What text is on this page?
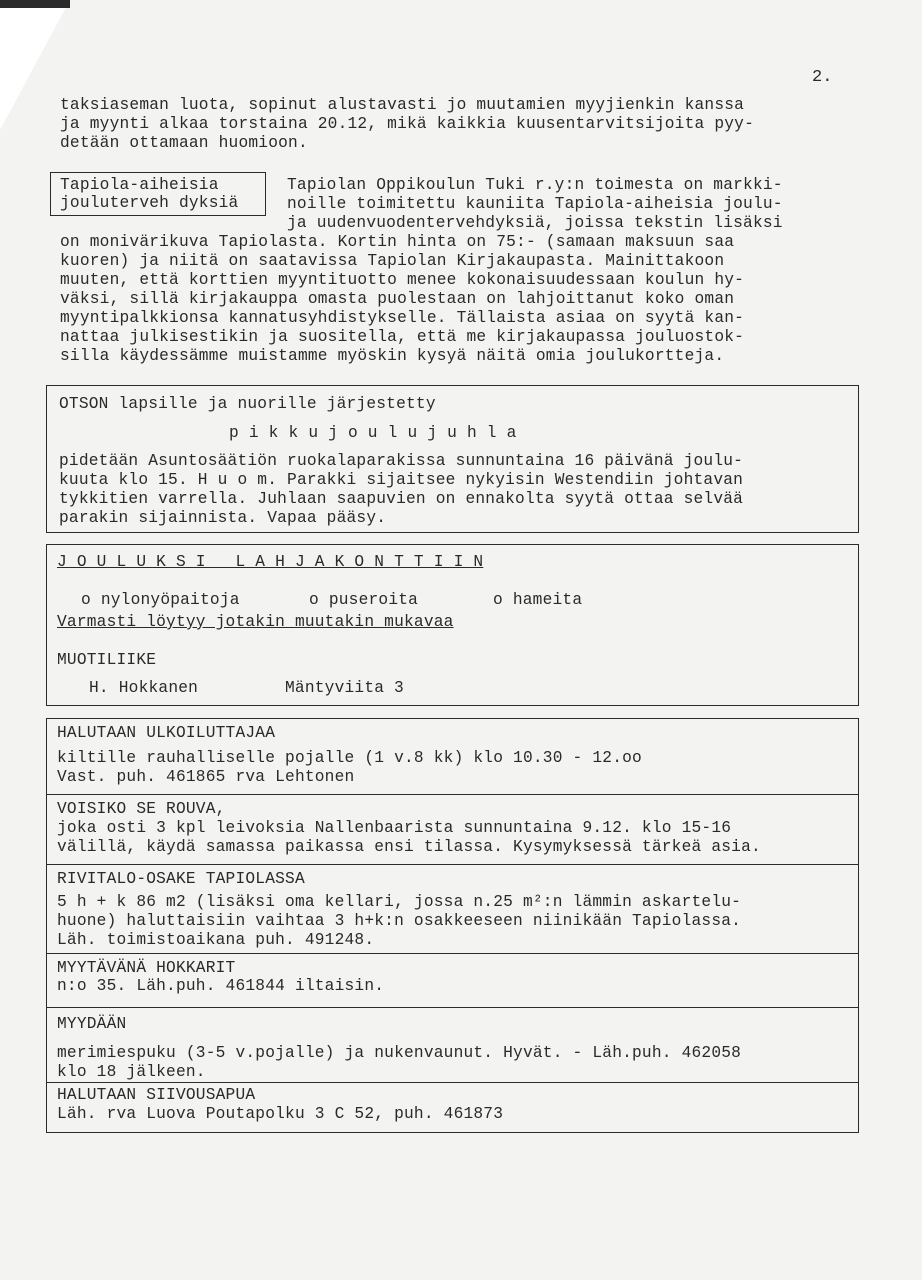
2.
taksiaseman luota, sopinut alustavasti jo muutamien myyjienkin kanssa
ja myynti alkaa torstaina 20.12, mikä kaikkia kuusentarvitsijoita pyy-
detään ottamaan huomioon.
Tapiola-aiheisia
jouluterveh dyksiä
Tapiolan Oppikoulun Tuki r.y:n toimesta on markki-
noille toimitettu kauniita Tapiola-aiheisia joulu-
ja uudenvuodentervehdyksiä, joissa tekstin lisäksi
on monivärikuva Tapiolasta. Kortin hinta on 75:- (samaan maksuun saa
kuoren) ja niitä on saatavissa Tapiolan Kirjakaupasta. Mainittakoon
muuten, että korttien myyntituotto menee kokonaisuudessaan koulun hy-
väksi, sillä kirjakauppa omasta puolestaan on lahjoittanut koko oman
myyntipalkkionsa kannatusyhdistykselle. Tällaista asiaa on syytä kan-
nattaa julkisestikin ja suositella, että me kirjakaupassa jouluostok-
silla käydessämme muistamme myöskin kysyä näitä omia joulukortteja.
OTSON lapsille ja nuorille järjestetty
p i k k u j o u l u j u h l a
pidetään Asuntosäätiön ruokalaparakissa sunnuntaina 16 päivänä joulu-
kuuta klo 15. H u o m. Parakki sijaitsee nykyisin Westendiin johtavan
tykkitien varrella. Juhlaan saapuvien on ennakolta syytä ottaa selvää
parakin sijainnista. Vapaa pääsy.
J O U L U K S I   L A H J A K O N T T I I N
o nylonyöpaitoja	o puseroita	o hameita
Varmasti löytyy jotakin muutakin mukavaa
MUOTILIIKE
H. Hokkanen	Mäntyviita 3
HALUTAAN ULKOILUTTAJAA
kiltille rauhalliselle pojalle (1 v.8 kk) klo 10.30 - 12.oo
Vast. puh. 461865 rva Lehtonen
VOISIKO SE ROUVA,
joka osti 3 kpl leivoksia Nallenbaarista sunnuntaina 9.12. klo 15-16
välillä, käydä samassa paikassa ensi tilassa. Kysymyksessä tärkeä asia.
RIVITALO-OSAKE TAPIOLASSA
5 h + k 86 m2 (lisäksi oma kellari, jossa n.25 m²:n lämmin askartelu-
huone) haluttaisiin vaihtaa 3 h+k:n osakkeeseen niinikään Tapiolassa.
Läh. toimistoaikana puh. 491248.
MYYTÄVÄNÄ HOKKARIT
n:o 35. Läh.puh. 461844 iltaisin.
MYYDÄÄN
merimiespuku (3-5 v.pojalle) ja nukenvaunut. Hyvät. - Läh.puh. 462058
klo 18 jälkeen.
HALUTAAN SIIVOUSAPUA
Läh. rva Luova Poutapolku 3 C 52, puh. 461873
